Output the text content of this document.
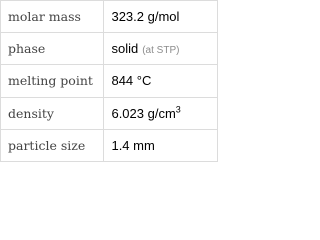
molar mass	323.2 g/mol

phase	solid (at STP)

melting point	844 °C

density	6.023 $g/cm^3$

particle size	1.4 mm
